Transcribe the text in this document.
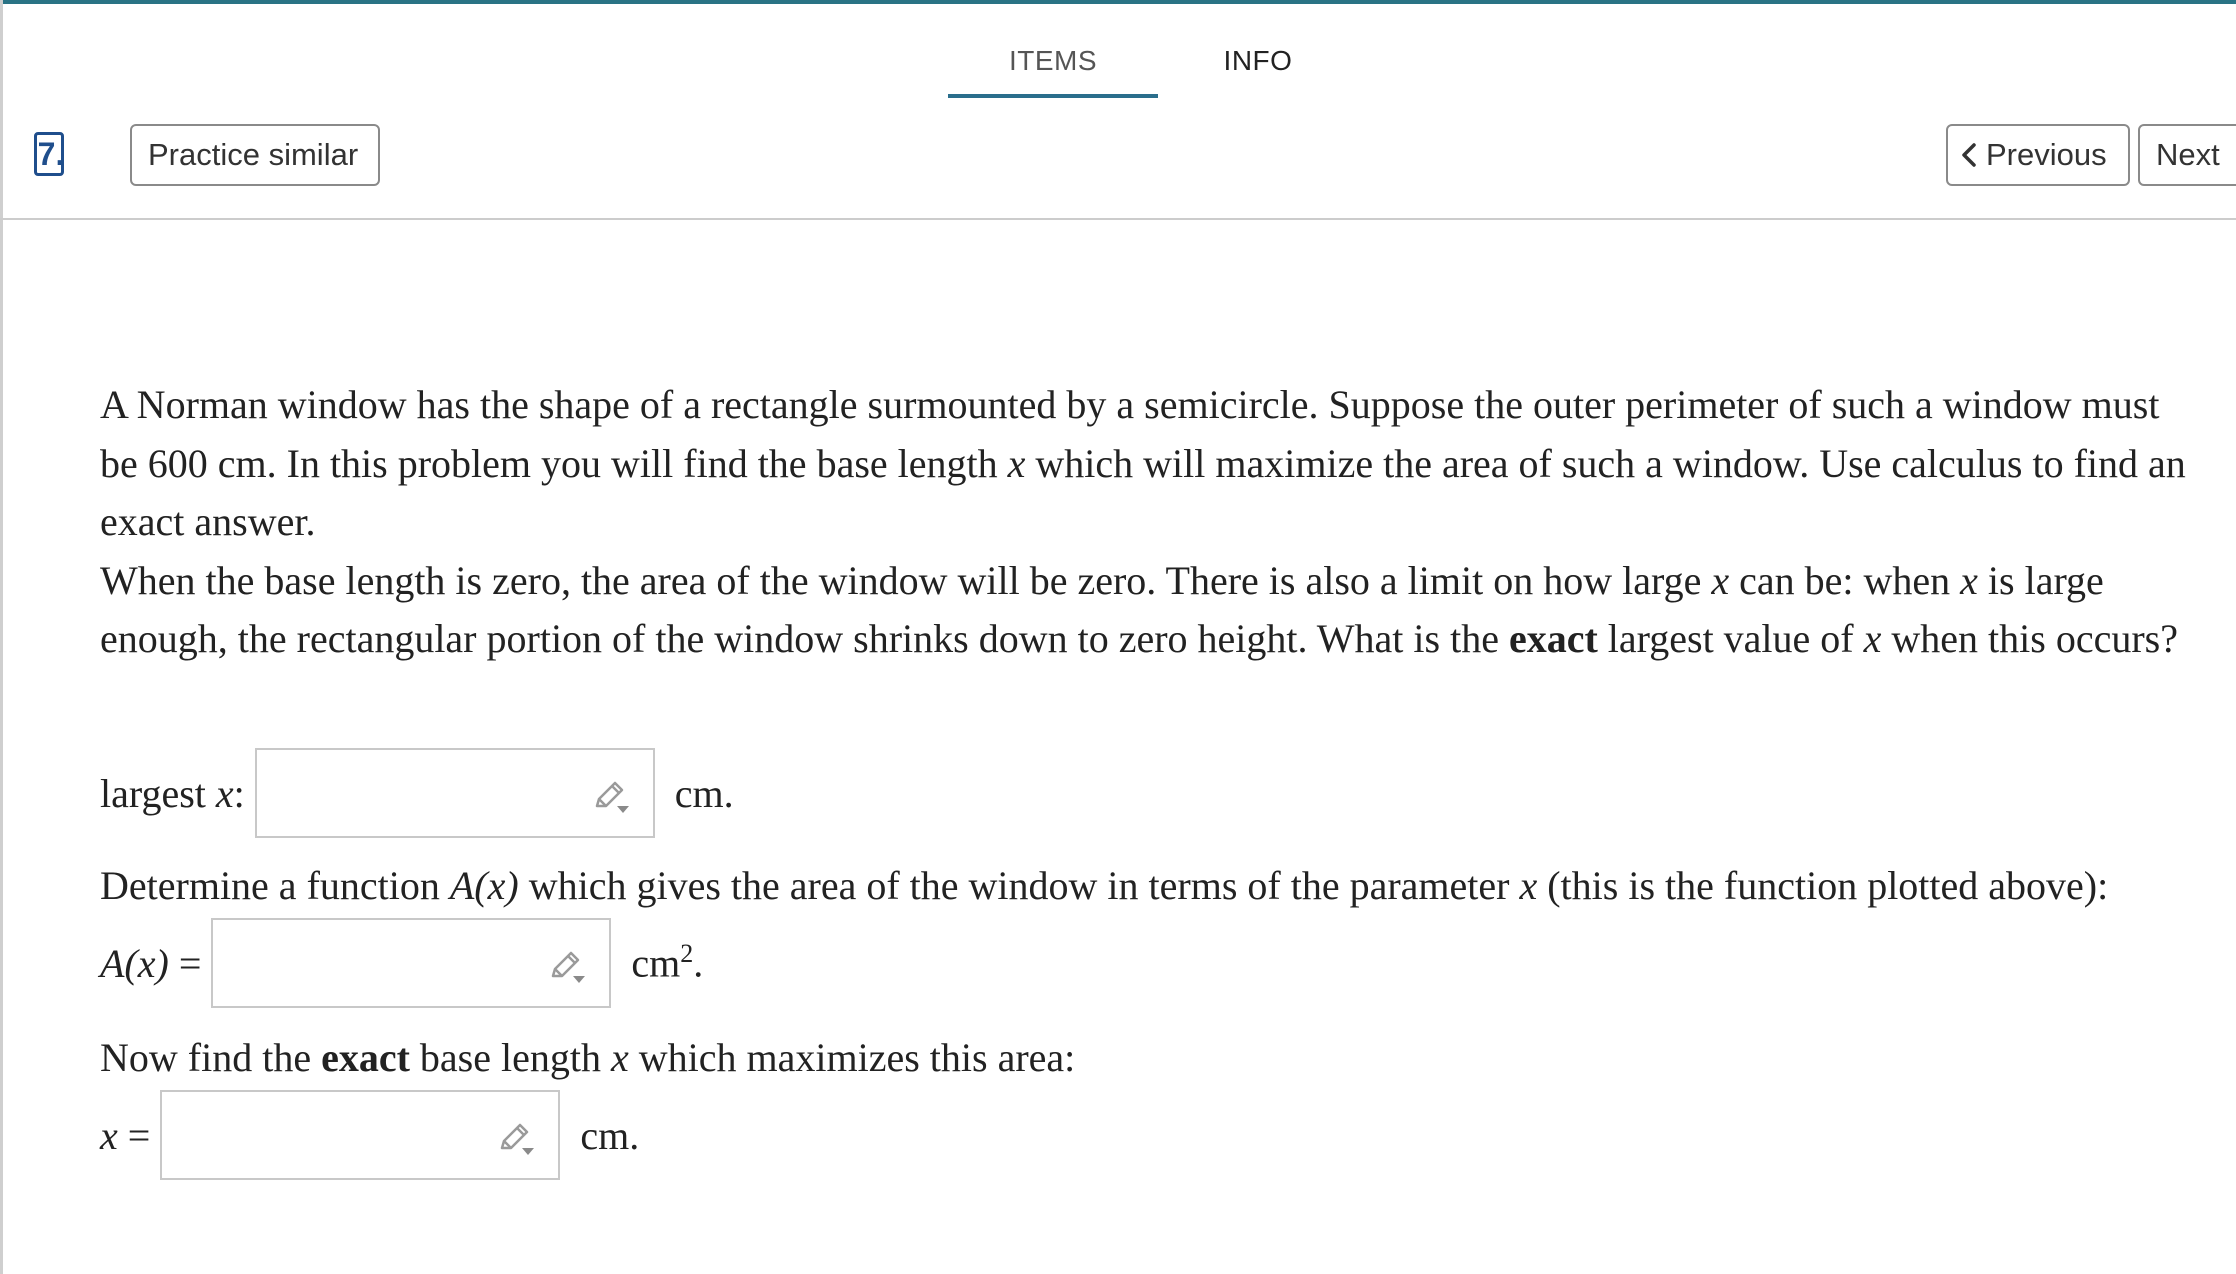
ITEMS	INFO
7.	Practice similar	Previous Next

A Norman window has the shape of a rectangle surmounted by a semicircle. Suppose the outer perimeter of such a window must be 600 cm. In this problem you will find the base length x which will maximize the area of such a window. Use calculus to find an exact answer.

When the base length is zero, the area of the window will be zero. There is also a limit on how large x can be: when x is large enough, the rectangular portion of the window shrinks down to zero height. What is the exact largest value of x when this occurs?

largest x:	cm.
Determine a function A(x) which gives the area of the window in terms of the parameter x (this is the function plotted above):
A(x) =	$cm^2$.
Now find the exact base length x which maximizes this area:
x =	cm.
